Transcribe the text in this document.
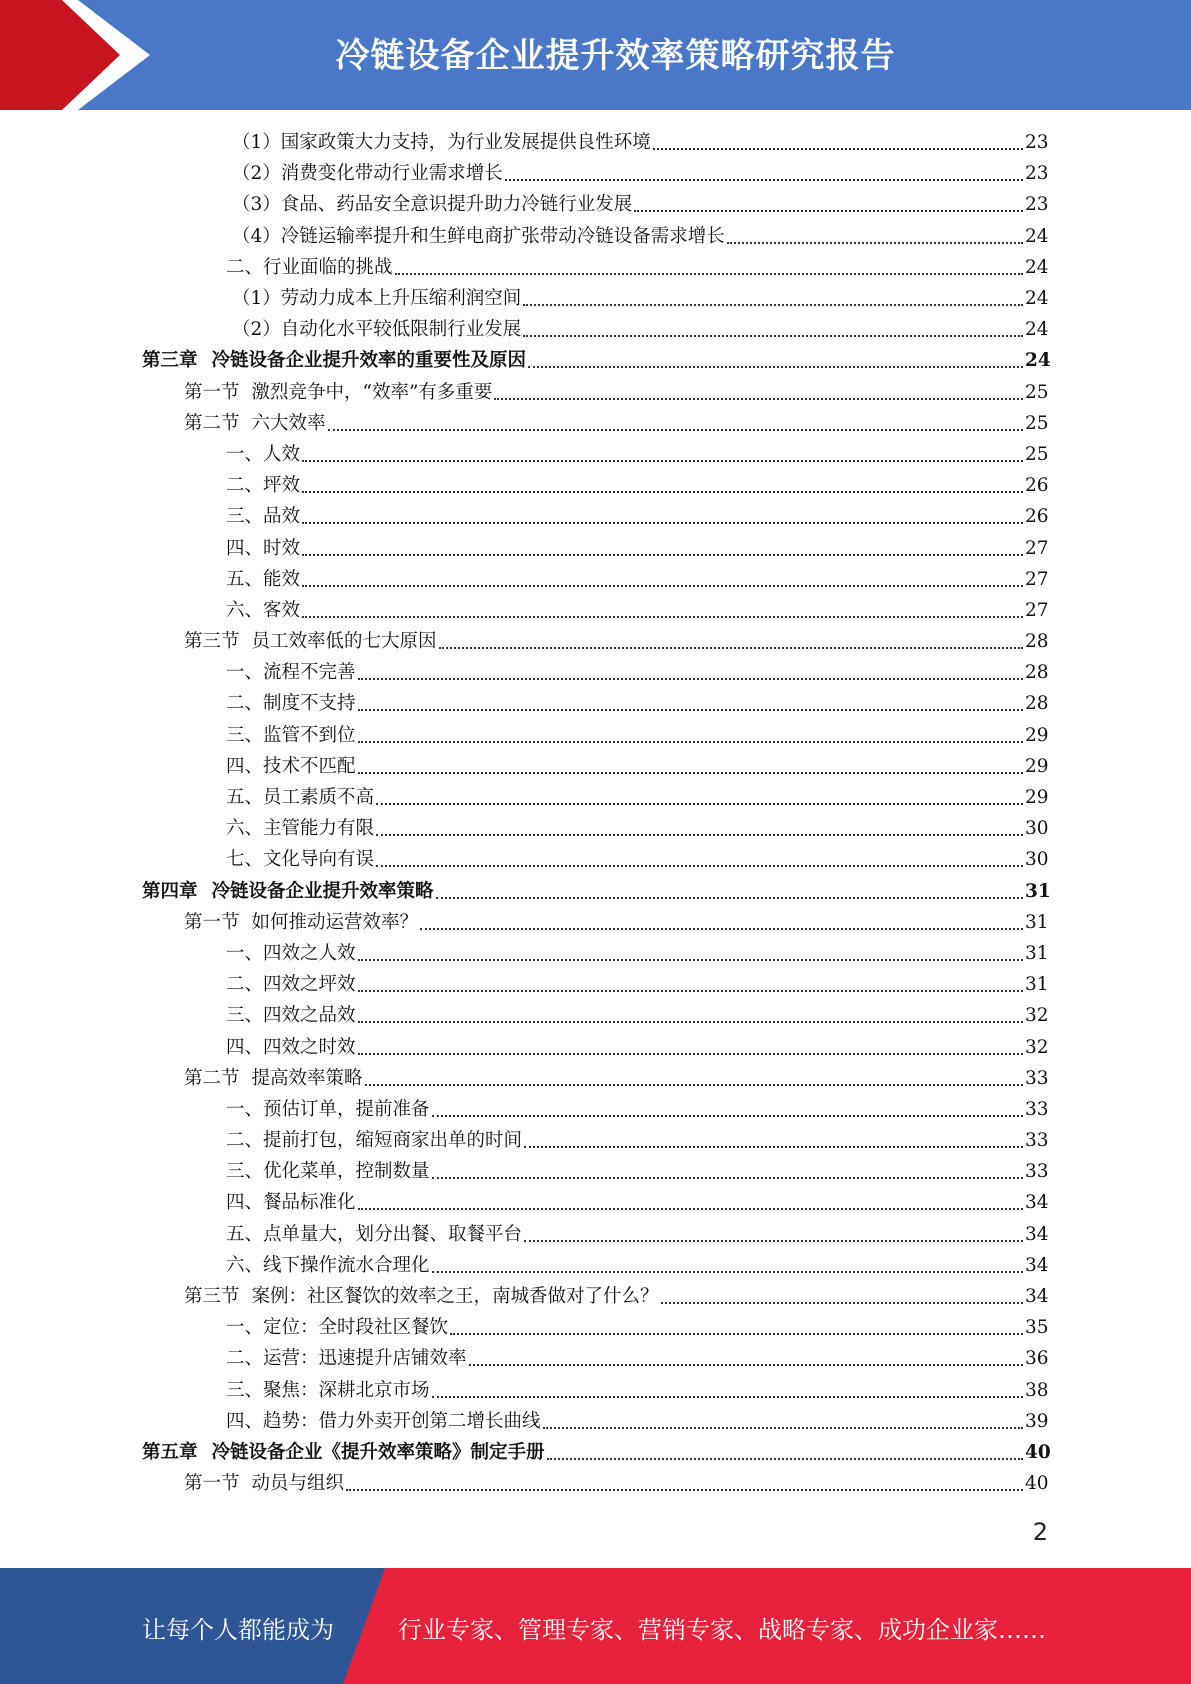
冷链设备企业提升效率策略研究报告
（1）国家政策大力支持，为行业发展提供良性环境	23
（2）消费变化带动行业需求增长	23
（3）食品、药品安全意识提升助力冷链行业发展	23
（4）冷链运输率提升和生鲜电商扩张带动冷链设备需求增长	24
二、行业面临的挑战	24
（1）劳动力成本上升压缩利润空间	24
（2）自动化水平较低限制行业发展	24
第三章 冷链设备企业提升效率的重要性及原因	24
第一节 激烈竞争中，“效率”有多重要	25
第二节 六大效率	25
一、人效	25
二、坪效	26
三、品效	26
四、时效	27
五、能效	27
六、客效	27
第三节 员工效率低的七大原因	28
一、流程不完善	28
二、制度不支持	28
三、监管不到位	29
四、技术不匹配	29
五、员工素质不高	29
六、主管能力有限	30
七、文化导向有误	30
第四章 冷链设备企业提升效率策略	31
第一节 如何推动运营效率？	31
一、四效之人效	31
二、四效之坪效	31
三、四效之品效	32
四、四效之时效	32
第二节 提高效率策略	33
一、预估订单，提前准备	33
二、提前打包，缩短商家出单的时间	33
三、优化菜单，控制数量	33
四、餐品标准化	34
五、点单量大，划分出餐、取餐平台	34
六、线下操作流水合理化	34
第三节 案例：社区餐饮的效率之王，南城香做对了什么？	34
一、定位：全时段社区餐饮	35
二、运营：迅速提升店铺效率	36
三、聚焦：深耕北京市场	38
四、趋势：借力外卖开创第二增长曲线	39
第五章 冷链设备企业《提升效率策略》制定手册	40
第一节 动员与组织	40
2
让每个人都能成为	行业专家、管理专家、营销专家、战略专家、成功企业家……
